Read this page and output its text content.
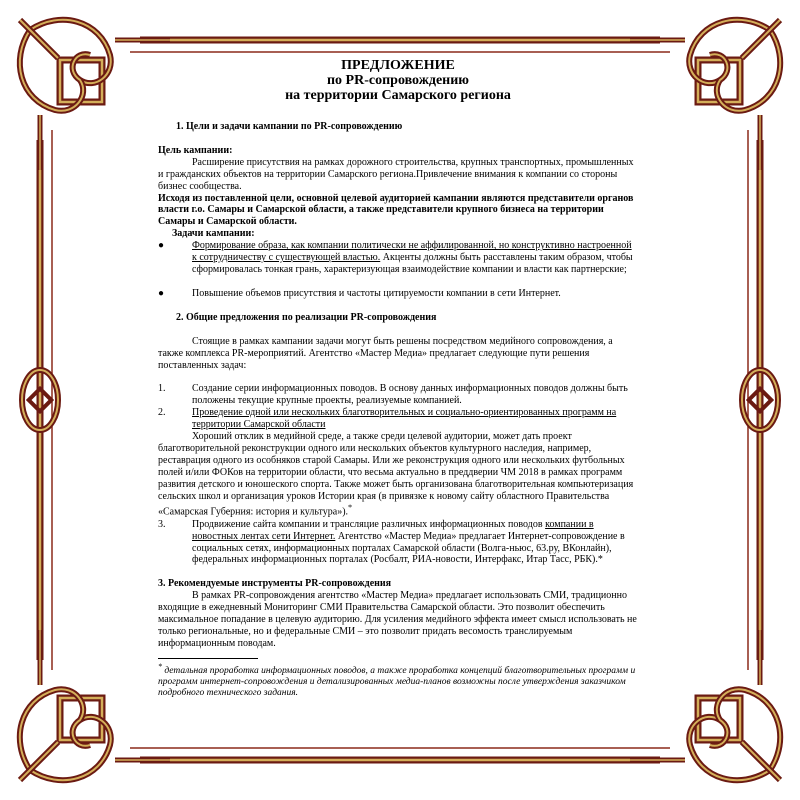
ПРЕДЛОЖЕНИЕ
по PR-сопровождению
на территории Самарского региона

1. Цели и задачи кампании по PR-сопровождению

Цель кампании:

Расширение присутствия на рамках дорожного строительства, крупных транспортных, промышленных и гражданских объектов на территории Самарского региона.Привлечение внимания к компании со стороны бизнес сообщества.

Исходя из поставленной цели, основной целевой аудиторией кампании являются представители органов власти г.о. Самары и Самарской области, а также представители крупного бизнеса на территории Самары и Самарской области.

Задачи кампании:

●	Формирование образа, как компании политически не аффилированной, но конструктивно настроенной к сотрудничеству с существующей властью. Акценты должны быть расставлены таким образом, чтобы сформировалась тонкая грань, характеризующая взаимодействие компании и власти как партнерские;

●	Повышение объемов присутствия и частоты цитируемости компании в сети Интернет.

2. Общие предложения по реализации PR-сопровождения

Стоящие в рамках кампании задачи могут быть решены посредством медийного сопровождения, а также комплекса PR-мероприятий. Агентство «Мастер Медиа» предлагает следующие пути решения поставленных задач:

1.	Создание серии информационных поводов. В основу данных информационных поводов должны быть положены текущие крупные проекты, реализуемые компанией.

2.	Проведение одной или нескольких благотворительных и социально-ориентированных программ на территории Самарской области

Хороший отклик в медийной среде, а также среди целевой аудитории, может дать проект благотворительной реконструкции одного или нескольких объектов культурного наследия, например, реставрация одного из особняков старой Самары. Или же реконструкция одного или нескольких футбольных полей и/или ФОКов на территории области, что весьма актуально в преддверии ЧМ 2018 в рамках программ развития детского и юношеского спорта. Также может быть организована благотворительная компьютеризация сельских школ и организация уроков Истории края (в привязке к новому сайту областного Правительства «Самарская Губерния: история и культура»).*

3.	Продвижение сайта компании и трансляцие различных информационных поводов компании в новостных лентах сети Интернет. Агентство «Мастер Медиа» предлагает Интернет-сопровождение в социальных сетях, информационных порталах Самарской области (Волга-ньюс, 63.ру, ВКонлайн), федеральных информационных порталах (Росбалт, РИА-новости, Интерфакс, Итар Тасс, РБК).*

3. Рекомендуемые инструменты PR-сопровождения

В рамках PR-сопровождения агентство «Мастер Медиа» предлагает использовать СМИ, традиционно входящие в ежедневный Мониторинг СМИ Правительства Самарской области. Это позволит обеспечить максимальное попадание в целевую аудиторию. Для усиления медийного эффекта имеет смысл использовать не только региональные, но и федеральные СМИ – это позволит придать весомость транслируемым информационным поводам.

* детальная проработка информационных поводов, а также проработка концепций благотворительных программ и программ интернет-сопровождения и детализированных медиа-планов возможны после утверждения заказчиком подробного технического задания.
